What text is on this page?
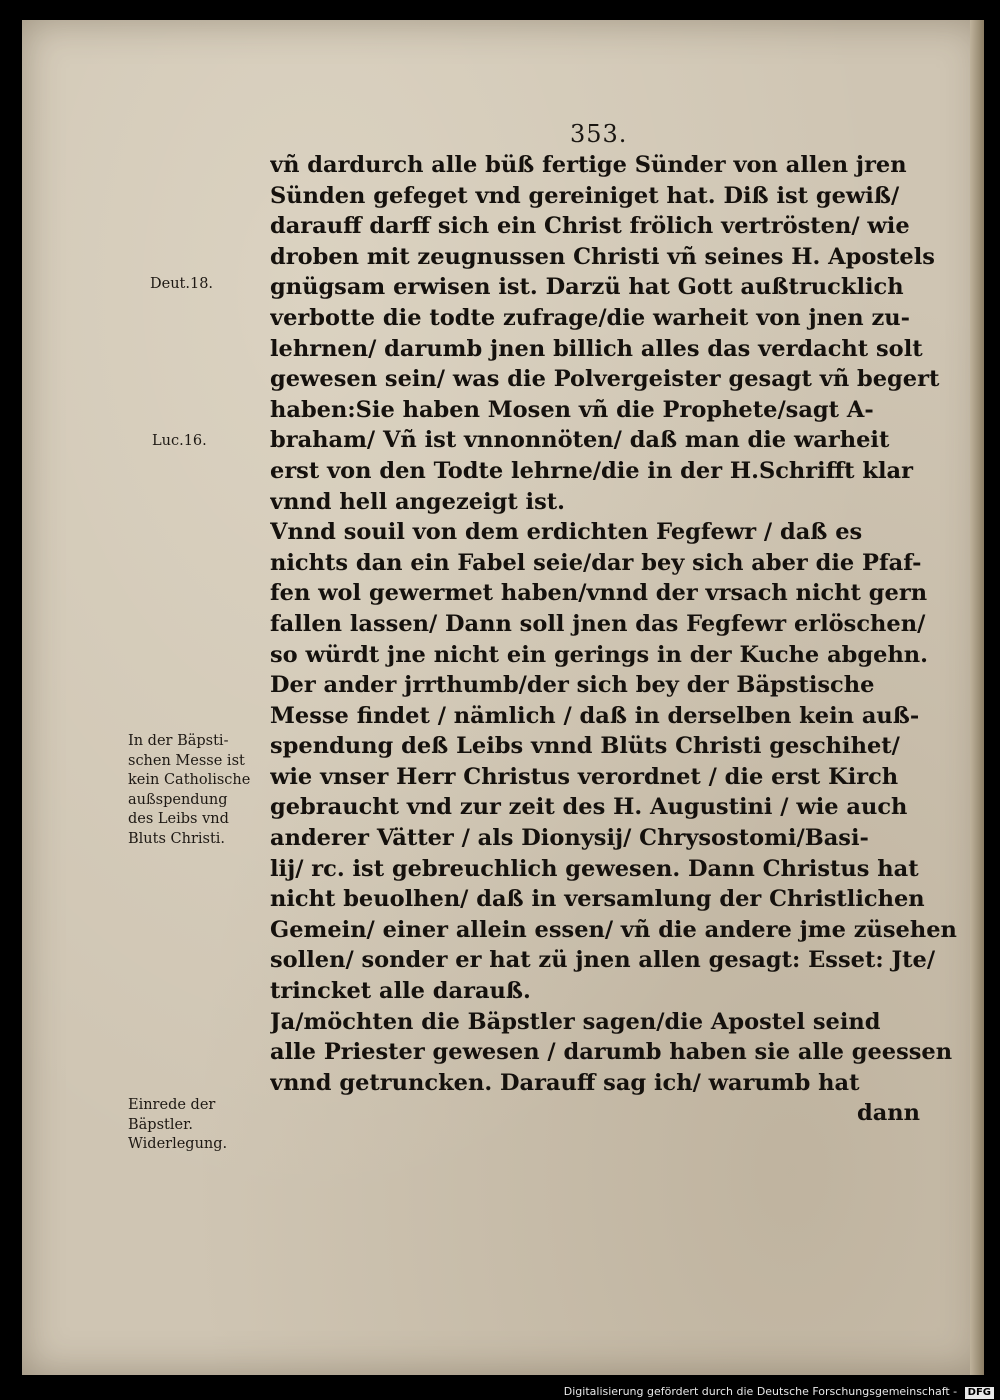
353.
vñ dardurch alle büß fertige Sünder von allen jren
Sünden gefeget vnd gereiniget hat. Diß ist gewiß/
darauff darff sich ein Christ frölich vertrösten/ wie
droben mit zeugnussen Christi vñ seines H. Apostels
gnügsam erwisen ist. Darzü hat Gott außtrucklich
verbotte die todte zufrage/die warheit von jnen zu-
lehrnen/ darumb jnen billich alles das verdacht solt
gewesen sein/ was die Polvergeister gesagt vñ begert
haben:Sie haben Mosen vñ die Prophete/sagt A-
braham/ Vñ ist vnnonnöten/ daß man die warheit
erst von den Todte lehrne/die in der H.Schrifft klar
vnnd hell angezeigt ist.
Vnnd souil von dem erdichten Fegfewr / daß es
nichts dan ein Fabel seie/dar bey sich aber die Pfaf-
fen wol gewermet haben/vnnd der vrsach nicht gern
fallen lassen/ Dann soll jnen das Fegfewr erlöschen/
so würdt jne nicht ein gerings in der Kuche abgehn.
Der ander jrrthumb/der sich bey der Bäpstische
Messe findet / nämlich / daß in derselben kein auß-
spendung deß Leibs vnnd Blüts Christi geschihet/
wie vnser Herr Christus verordnet / die erst Kirch
gebraucht vnd zur zeit des H. Augustini / wie auch
anderer Vätter / als Dionysij/ Chrysostomi/Basi-
lij/ rc. ist gebreuchlich gewesen. Dann Christus hat
nicht beuolhen/ daß in versamlung der Christlichen
Gemein/ einer allein essen/ vñ die andere jme züsehen
sollen/ sonder er hat zü jnen allen gesagt: Esset: Jte/
trincket alle darauß.
Ja/möchten die Bäpstler sagen/die Apostel seind
alle Priester gewesen / darumb haben sie alle geessen
vnnd getruncken. Darauff sag ich/ warumb hat
dann
Deut.18.
Luc.16.
In der Bäpsti-
schen Messe ist
kein Catholische
außspendung
des Leibs vnd
Bluts Christi.
Einrede der
Bäpstler.
Widerlegung.
Digitalisierung gefördert durch die Deutsche Forschungsgemeinschaft - DFG
